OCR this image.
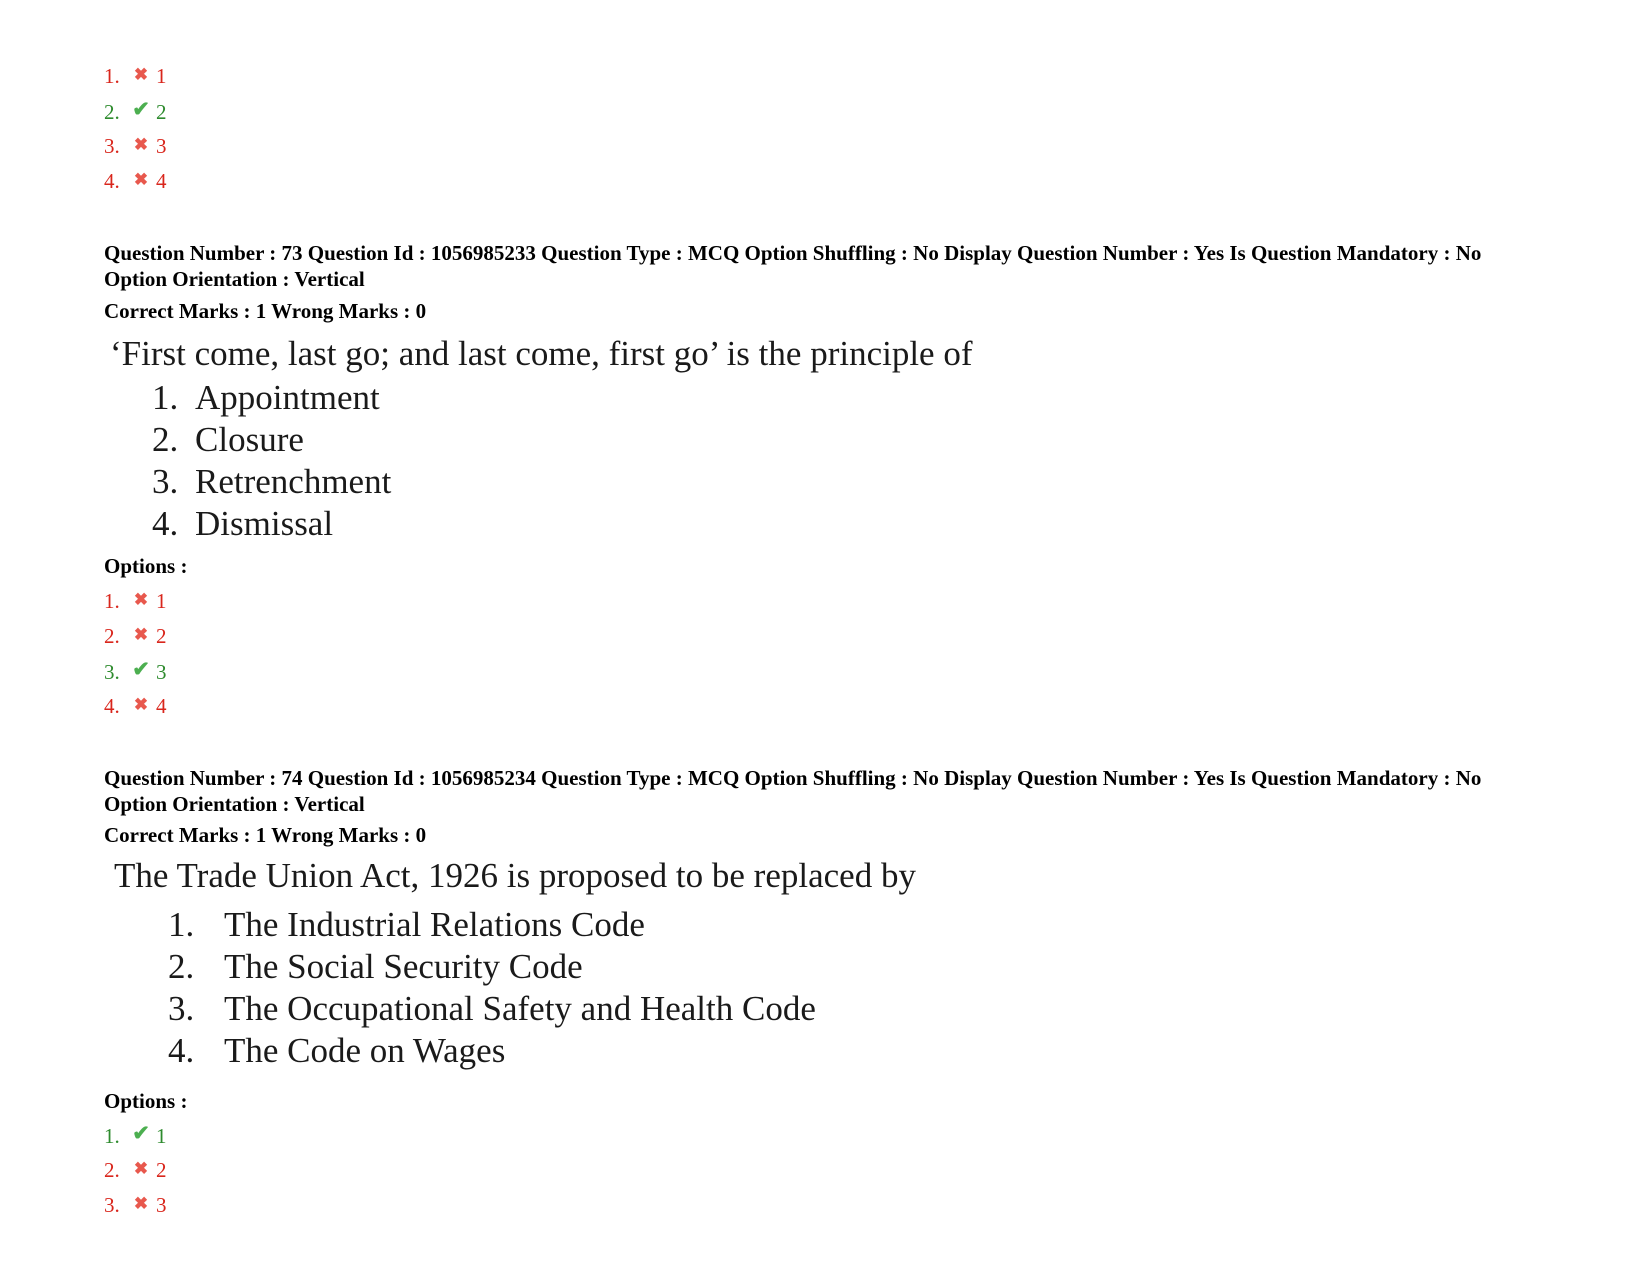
1. ✖ 1
2. ✔ 2
3. ✖ 3
4. ✖ 4
Question Number : 73 Question Id : 1056985233 Question Type : MCQ Option Shuffling : No Display Question Number : Yes Is Question Mandatory : No Option Orientation : Vertical
Correct Marks : 1 Wrong Marks : 0
‘First come, last go; and last come, first go’ is the principle of
1. Appointment
2. Closure
3. Retrenchment
4. Dismissal
Options :
1. ✖ 1
2. ✖ 2
3. ✔ 3
4. ✖ 4
Question Number : 74 Question Id : 1056985234 Question Type : MCQ Option Shuffling : No Display Question Number : Yes Is Question Mandatory : No Option Orientation : Vertical
Correct Marks : 1 Wrong Marks : 0
The Trade Union Act, 1926 is proposed to be replaced by
1. The Industrial Relations Code
2. The Social Security Code
3. The Occupational Safety and Health Code
4. The Code on Wages
Options :
1. ✔ 1
2. ✖ 2
3. ✖ 3
